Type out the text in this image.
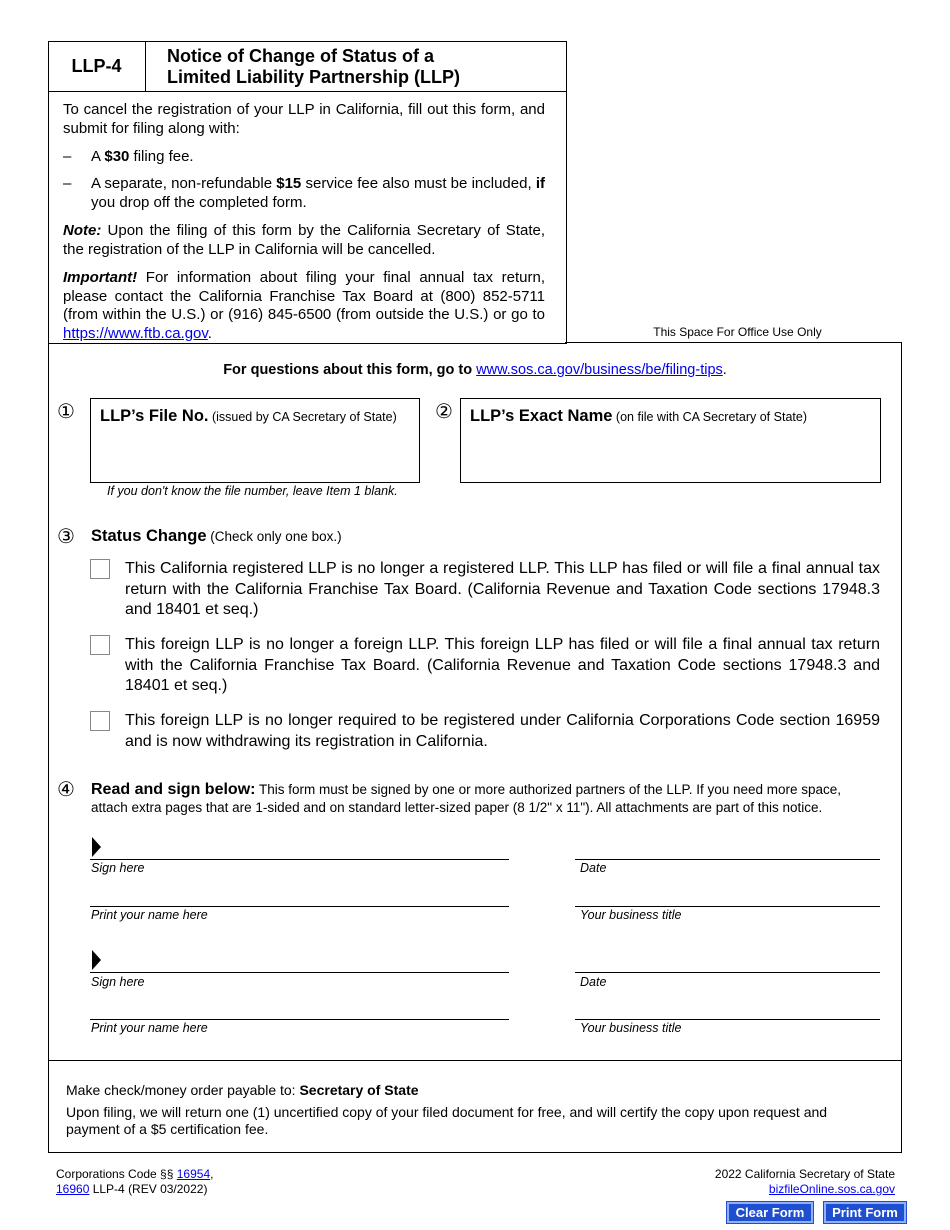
LLP-4	Notice of Change of Status of a
Limited Liability Partnership (LLP)
To cancel the registration of your LLP in California, fill out this form, and submit for filing along with:
– A $30 filing fee.
– A separate, non-refundable $15 service fee also must be included, if you drop off the completed form.
Note: Upon the filing of this form by the California Secretary of State, the registration of the LLP in California will be cancelled.
Important! For information about filing your final annual tax return, please contact the California Franchise Tax Board at (800) 852-5711 (from within the U.S.) or (916) 845-6500 (from outside the U.S.) or go to https://www.ftb.ca.gov.	This Space For Office Use Only
For questions about this form, go to www.sos.ca.gov/business/be/filing-tips.
① LLP’s File No. (issued by CA Secretary of State)
If you don't know the file number, leave Item 1 blank.
② LLP’s Exact Name (on file with CA Secretary of State)
③ Status Change (Check only one box.)
This California registered LLP is no longer a registered LLP. This LLP has filed or will file a final annual tax return with the California Franchise Tax Board. (California Revenue and Taxation Code sections 17948.3 and 18401 et seq.)
This foreign LLP is no longer a foreign LLP. This foreign LLP has filed or will file a final annual tax return with the California Franchise Tax Board. (California Revenue and Taxation Code sections 17948.3 and 18401 et seq.)
This foreign LLP is no longer required to be registered under California Corporations Code section 16959 and is now withdrawing its registration in California.
④ Read and sign below: This form must be signed by one or more authorized partners of the LLP. If you need more space, attach extra pages that are 1-sided and on standard letter-sized paper (8 1/2" x 11"). All attachments are part of this notice.
Sign here	Date
Print your name here	Your business title
Sign here	Date
Print your name here	Your business title
Make check/money order payable to: Secretary of State
Upon filing, we will return one (1) uncertified copy of your filed document for free, and will certify the copy upon request and payment of a $5 certification fee.
Corporations Code §§ 16954,
16960 LLP-4 (REV 03/2022)
2022 California Secretary of State
bizfileOnline.sos.ca.gov
Clear Form	Print Form
